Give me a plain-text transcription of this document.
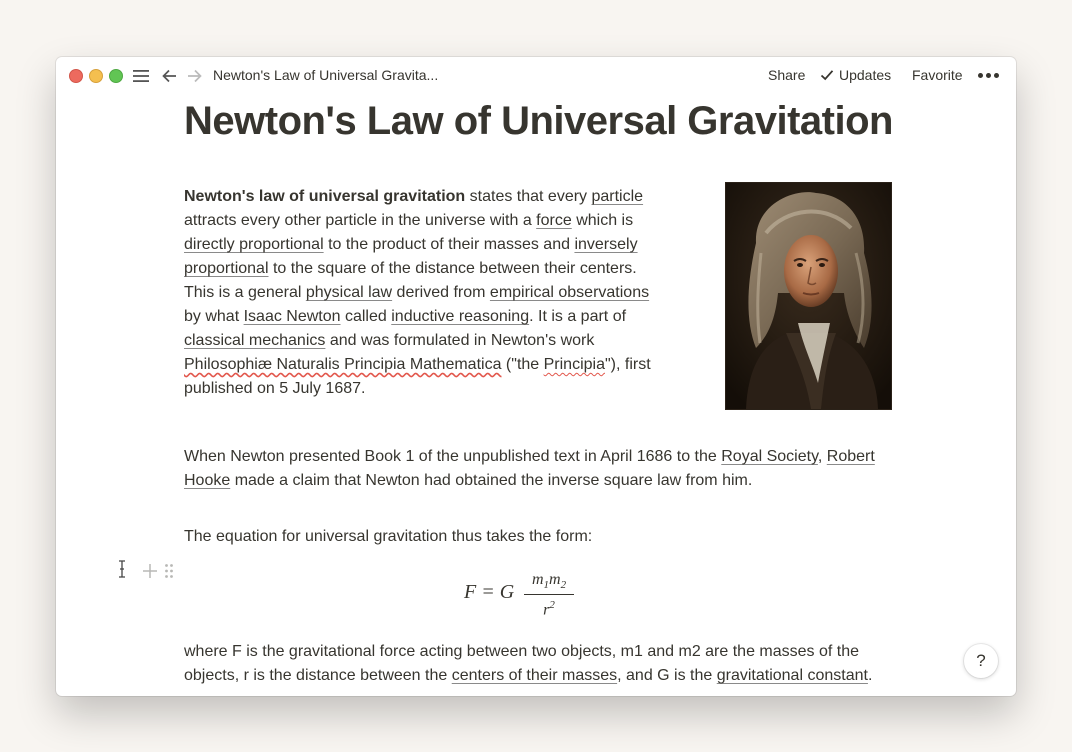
Newton's Law of Universal Gravita...	Share	Updates Favorite
Newton's Law of Universal Gravitation

Newton's law of universal gravitation states that every particle attracts every other particle in the universe with a force which is directly proportional to the product of their masses and inversely proportional to the square of the distance between their centers. This is a general physical law derived from empirical observations by what Isaac Newton called inductive reasoning. It is a part of classical mechanics and was formulated in Newton's work Philosophiæ Naturalis Principia Mathematica ("the Principia"), first published on 5 July 1687.

When Newton presented Book 1 of the unpublished text in April 1686 to the Royal Society, Robert Hooke made a claim that Newton had obtained the inverse square law from him.

The equation for universal gravitation thus takes the form:

F = G $\frac{m_1m_2}{r^2}$

where F is the gravitational force acting between two objects, m1 and m2 are the masses of the objects, r is the distance between the centers of their masses, and G is the gravitational constant.

?
